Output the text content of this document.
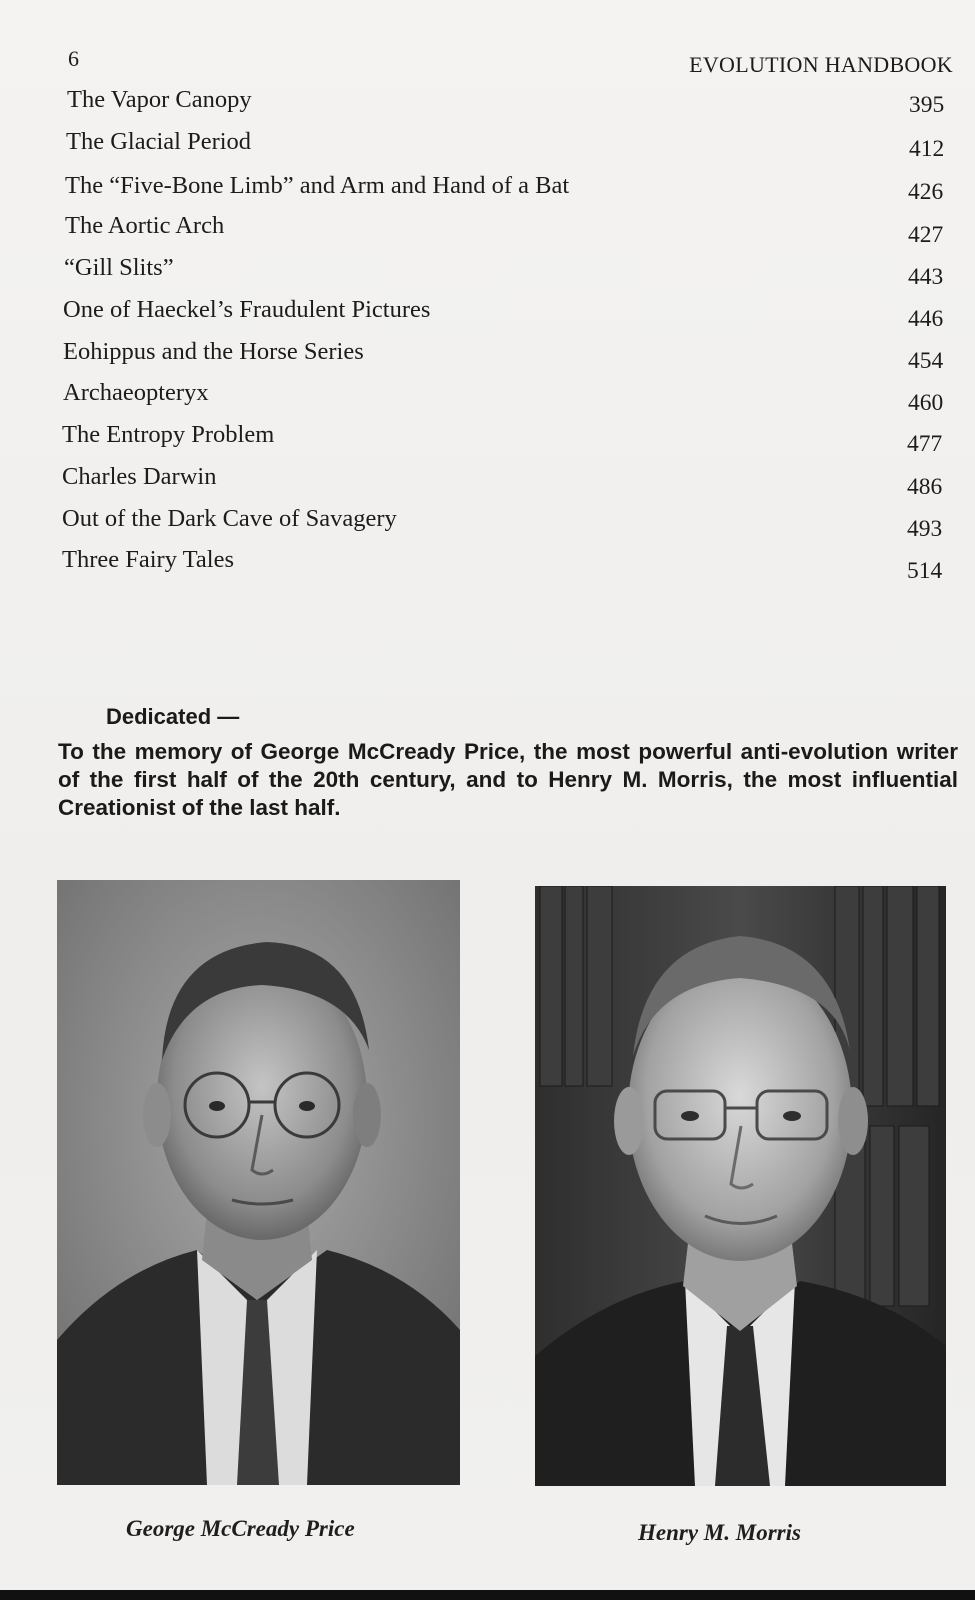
6	EVOLUTION HANDBOOK
The Vapor Canopy	395
The Glacial Period	412
The “Five-Bone Limb” and Arm and Hand of a Bat	426
The Aortic Arch	427
“Gill Slits”	443
One of Haeckel’s Fraudulent Pictures	446
Eohippus and the Horse Series	454
Archaeopteryx	460
The Entropy Problem	477
Charles Darwin	486
Out of the Dark Cave of Savagery	493
Three Fairy Tales	514
Dedicated —
To the memory of George McCready Price, the most powerful anti-evolution writer of the first half of the 20th century, and to Henry M. Morris, the most influential Creationist of the last half.
George McCready Price	Henry M. Morris
